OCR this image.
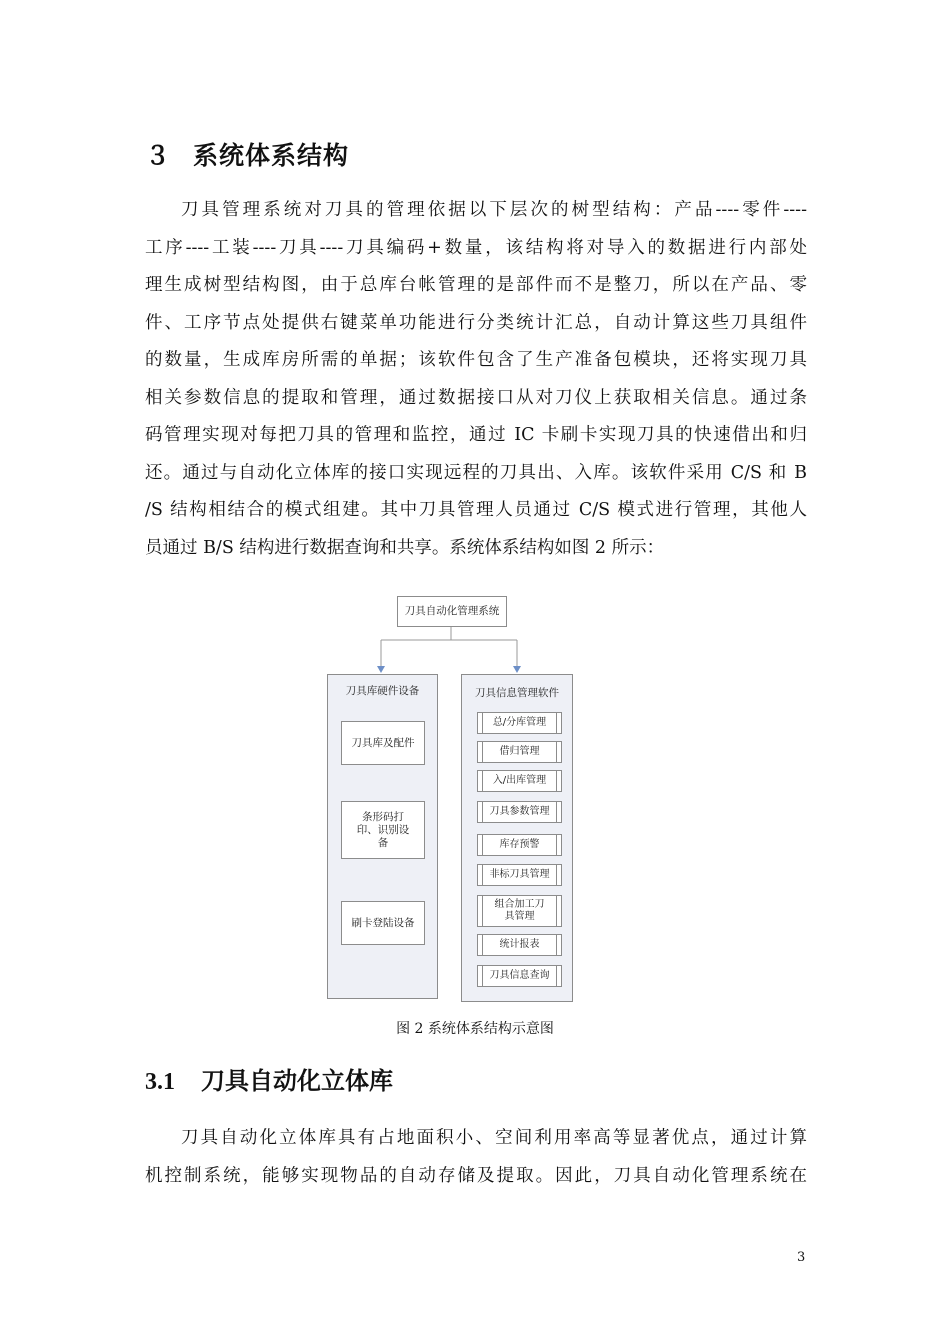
３ 系统体系结构
刀具管理系统对刀具的管理依据以下层次的树型结构：产品----零件----
工序----工装----刀具----刀具编码+数量，该结构将对导入的数据进行内部处
理生成树型结构图，由于总库台帐管理的是部件而不是整刀，所以在产品、零
件、工序节点处提供右键菜单功能进行分类统计汇总，自动计算这些刀具组件
的数量，生成库房所需的单据；该软件包含了生产准备包模块，还将实现刀具
相关参数信息的提取和管理，通过数据接口从对刀仪上获取相关信息。通过条
码管理实现对每把刀具的管理和监控，通过 IC 卡刷卡实现刀具的快速借出和归
还。通过与自动化立体库的接口实现远程的刀具出、入库。该软件采用 C/S 和 B
/S 结构相结合的模式组建。其中刀具管理人员通过 C/S 模式进行管理，其他人
员通过 B/S 结构进行数据查询和共享。系统体系结构如图 2 所示：
刀具自动化管理系统
刀具库硬件设备
刀具库及配件
条形码打印、识别设备
刷卡登陆设备
刀具信息管理软件
总/分库管理
借归管理
入/出库管理
刀具参数管理
库存预警
非标刀具管理
组合加工刀具管理
统计报表
刀具信息查询
图 2 系统体系结构示意图
3.1 刀具自动化立体库
刀具自动化立体库具有占地面积小、空间利用率高等显著优点，通过计算
机控制系统，能够实现物品的自动存储及提取。因此，刀具自动化管理系统在
3
